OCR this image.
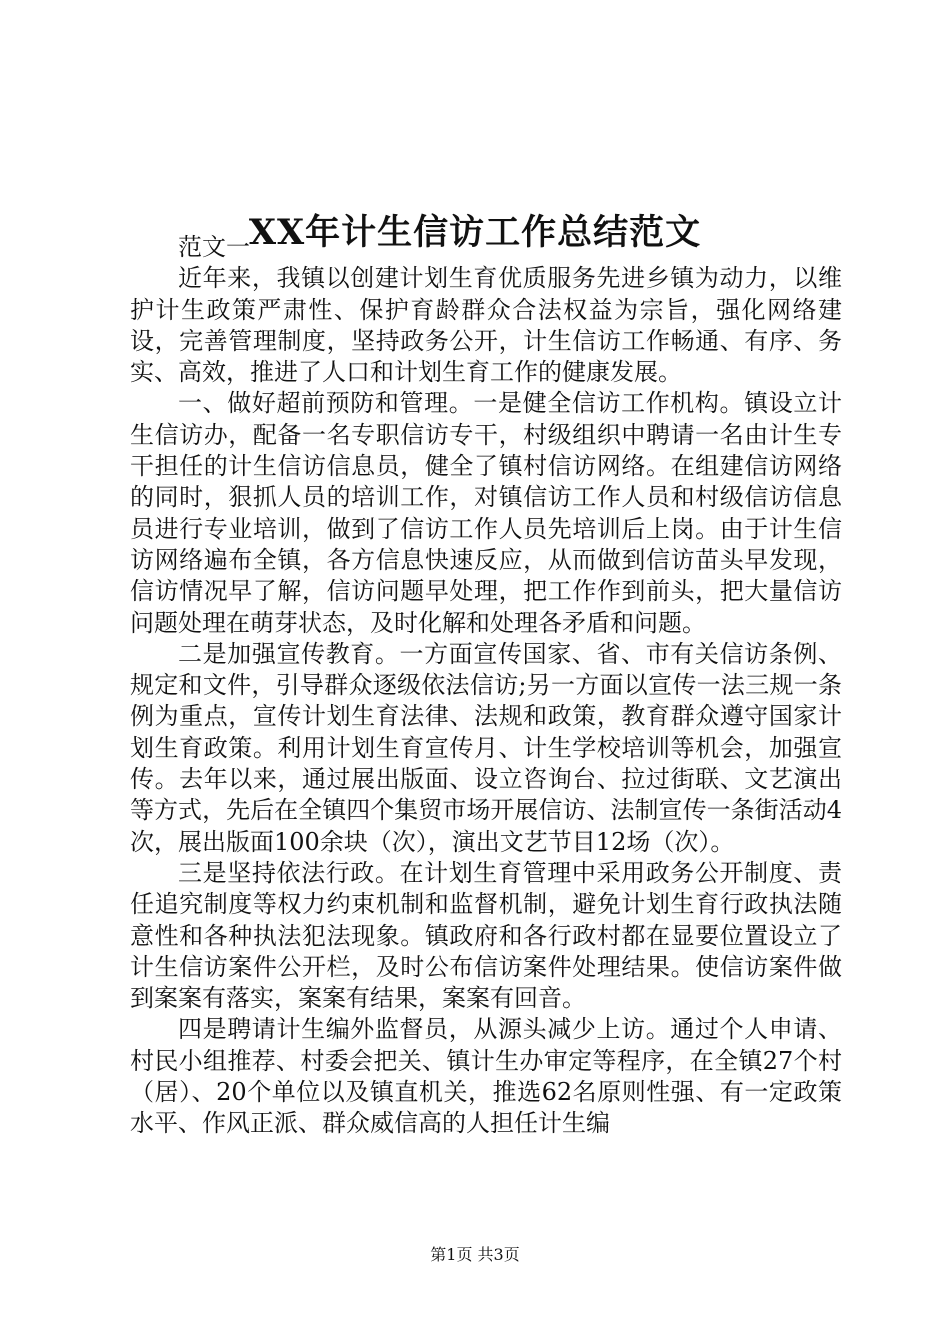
XX年计生信访工作总结范文

范文一

近年来，我镇以创建计划生育优质服务先进乡镇为动力，以维护计生政策严肃性、保护育龄群众合法权益为宗旨，强化网络建设，完善管理制度，坚持政务公开，计生信访工作畅通、有序、务实、高效，推进了人口和计划生育工作的健康发展。

一、做好超前预防和管理。一是健全信访工作机构。镇设立计生信访办，配备一名专职信访专干，村级组织中聘请一名由计生专干担任的计生信访信息员，健全了镇村信访网络。在组建信访网络的同时，狠抓人员的培训工作，对镇信访工作人员和村级信访信息员进行专业培训，做到了信访工作人员先培训后上岗。由于计生信访网络遍布全镇，各方信息快速反应，从而做到信访苗头早发现，信访情况早了解，信访问题早处理，把工作作到前头，把大量信访问题处理在萌芽状态，及时化解和处理各矛盾和问题。

二是加强宣传教育。一方面宣传国家、省、市有关信访条例、规定和文件，引导群众逐级依法信访;另一方面以宣传一法三规一条例为重点，宣传计划生育法律、法规和政策，教育群众遵守国家计划生育政策。利用计划生育宣传月、计生学校培训等机会，加强宣传。去年以来，通过展出版面、设立咨询台、拉过街联、文艺演出等方式，先后在全镇四个集贸市场开展信访、法制宣传一条街活动4次，展出版面100余块（次），演出文艺节目12场（次）。

三是坚持依法行政。在计划生育管理中采用政务公开制度、责任追究制度等权力约束机制和监督机制，避免计划生育行政执法随意性和各种执法犯法现象。镇政府和各行政村都在显要位置设立了计生信访案件公开栏，及时公布信访案件处理结果。使信访案件做到案案有落实，案案有结果，案案有回音。

四是聘请计生编外监督员，从源头减少上访。通过个人申请、村民小组推荐、村委会把关、镇计生办审定等程序，在全镇27个村（居）、20个单位以及镇直机关，推选62名原则性强、有一定政策水平、作风正派、群众威信高的人担任计生编

第1页 共3页
